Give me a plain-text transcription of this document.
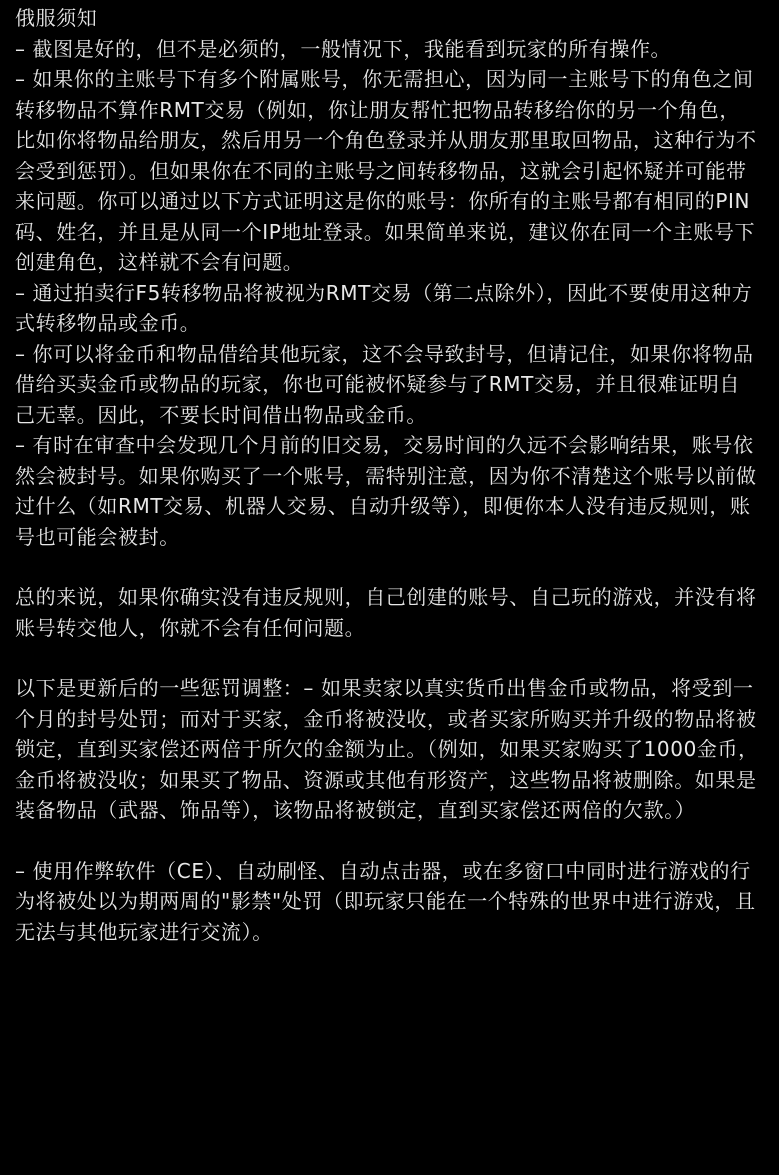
俄服须知

– 截图是好的，但不是必须的，一般情况下，我能看到玩家的所有操作。

– 如果你的主账号下有多个附属账号，你无需担心，因为同一主账号下的角色之间转移物品不算作RMT交易（例如，你让朋友帮忙把物品转移给你的另一个角色，比如你将物品给朋友，然后用另一个角色登录并从朋友那里取回物品，这种行为不会受到惩罚）。但如果你在不同的主账号之间转移物品，这就会引起怀疑并可能带来问题。你可以通过以下方式证明这是你的账号：你所有的主账号都有相同的PIN码、姓名，并且是从同一个IP地址登录。如果简单来说，建议你在同一个主账号下创建角色，这样就不会有问题。

– 通过拍卖行F5转移物品将被视为RMT交易（第二点除外），因此不要使用这种方式转移物品或金币。

– 你可以将金币和物品借给其他玩家，这不会导致封号，但请记住，如果你将物品借给买卖金币或物品的玩家，你也可能被怀疑参与了RMT交易，并且很难证明自己无辜。因此，不要长时间借出物品或金币。

– 有时在审查中会发现几个月前的旧交易，交易时间的久远不会影响结果，账号依然会被封号。如果你购买了一个账号，需特别注意，因为你不清楚这个账号以前做过什么（如RMT交易、机器人交易、自动升级等），即便你本人没有违反规则，账号也可能会被封。

总的来说，如果你确实没有违反规则，自己创建的账号、自己玩的游戏，并没有将账号转交他人，你就不会有任何问题。

以下是更新后的一些惩罚调整：– 如果卖家以真实货币出售金币或物品，将受到一个月的封号处罚；而对于买家，金币将被没收，或者买家所购买并升级的物品将被锁定，直到买家偿还两倍于所欠的金额为止。（例如，如果买家购买了1000金币，金币将被没收；如果买了物品、资源或其他有形资产，这些物品将被删除。如果是装备物品（武器、饰品等），该物品将被锁定，直到买家偿还两倍的欠款。）

– 使用作弊软件（CE）、自动刷怪、自动点击器，或在多窗口中同时进行游戏的行为将被处以为期两周的"影禁"处罚（即玩家只能在一个特殊的世界中进行游戏，且无法与其他玩家进行交流）。
